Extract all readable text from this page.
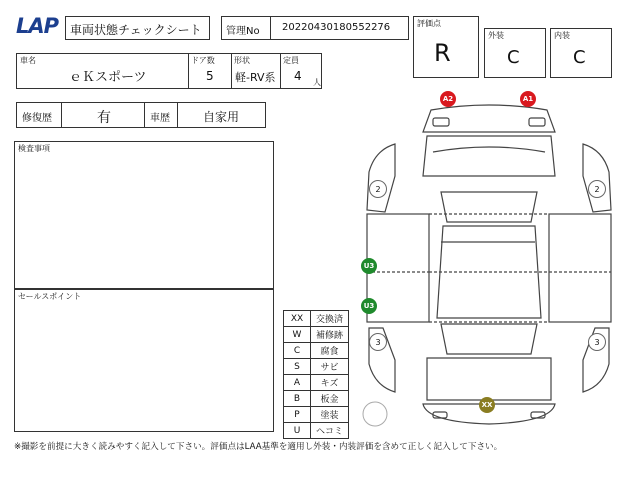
LAP 車両状態チェックシート 管理No 20220430180552276	評価点
R
外装
C
内装
C
車名
ｅＫスポーツ
ドア数
5
形状
軽-RV系
定員
4 人
修復歴	有	車歴	自家用
検査事項
セールスポイント
XX	交換済
W	補修跡
C	腐食
S	サビ
A	キズ
B	板金
P	塗装
U	ヘコミ
2	2
3	3
A2	A1
U3
U3
XX
※撮影を前提に大きく読みやすく記入して下さい。評価点はLAA基準を適用し外装・内装評価を含めて正しく記入して下さい。
